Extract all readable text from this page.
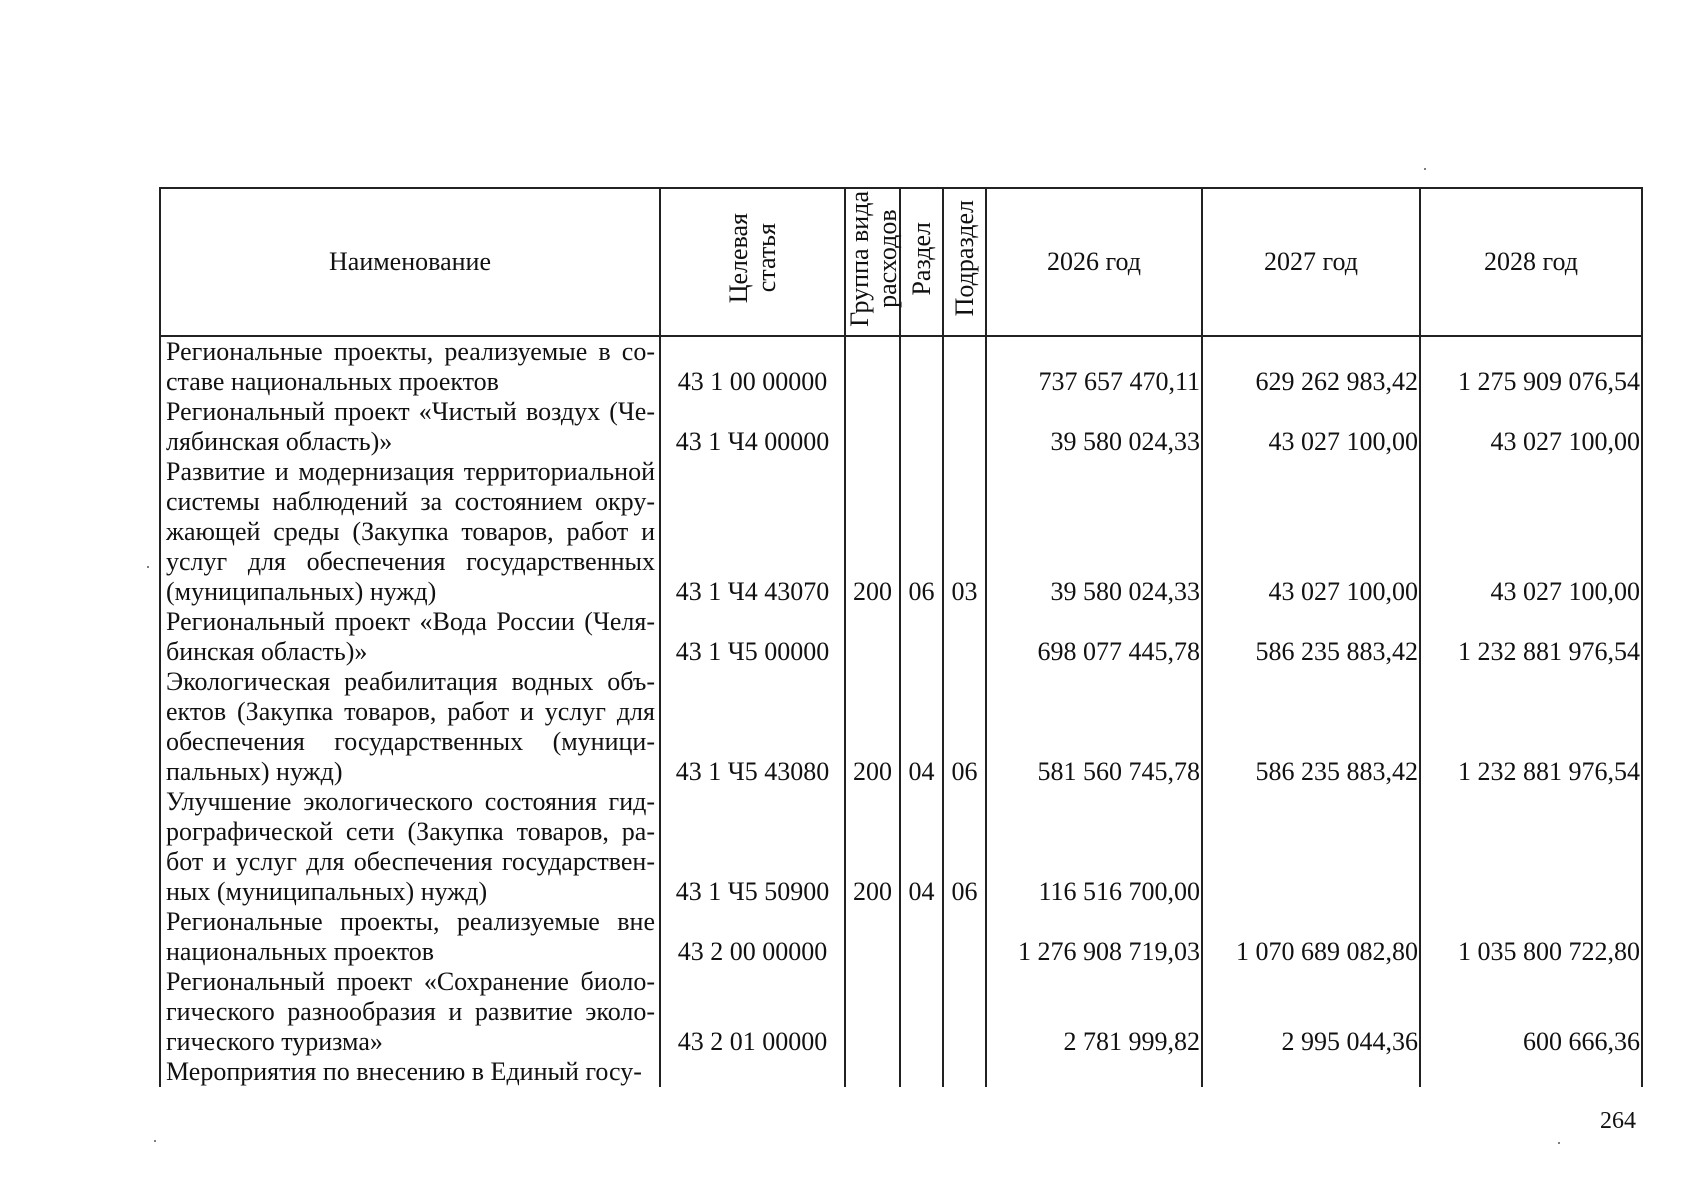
Наименование	Целевая статья	Группа вида расходов	Раздел	Подраздел	2026 год	2027 год	2028 год

Региональные проекты, реализуемые в со-
ставе национальных проектов	43 1 00 00000				737 657 470,11	629 262 983,42	1 275 909 076,54

Региональный проект «Чистый воздух (Че-
лябинская область)»	43 1 Ч4 00000				39 580 024,33	43 027 100,00	43 027 100,00

Развитие и модернизация территориальной
системы наблюдений за состоянием окру-
жающей среды (Закупка товаров, работ и
услуг для обеспечения государственных
(муниципальных) нужд)	43 1 Ч4 43070	200	06	03	39 580 024,33	43 027 100,00	43 027 100,00

Региональный проект «Вода России (Челя-
бинская область)»	43 1 Ч5 00000				698 077 445,78	586 235 883,42	1 232 881 976,54

Экологическая реабилитация водных объ-
ектов (Закупка товаров, работ и услуг для
обеспечения государственных (муници-
пальных) нужд)	43 1 Ч5 43080	200	04	06	581 560 745,78	586 235 883,42	1 232 881 976,54

Улучшение экологического состояния гид-
рографической сети (Закупка товаров, ра-
бот и услуг для обеспечения государствен-
ных (муниципальных) нужд)	43 1 Ч5 50900	200	04	06	116 516 700,00		

Региональные проекты, реализуемые вне
национальных проектов	43 2 00 00000				1 276 908 719,03	1 070 689 082,80	1 035 800 722,80

Региональный проект «Сохранение биоло-
гического разнообразия и развитие эколо-
гического туризма»	43 2 01 00000				2 781 999,82	2 995 044,36	600 666,36

Мероприятия по внесению в Единый госу-							

264
